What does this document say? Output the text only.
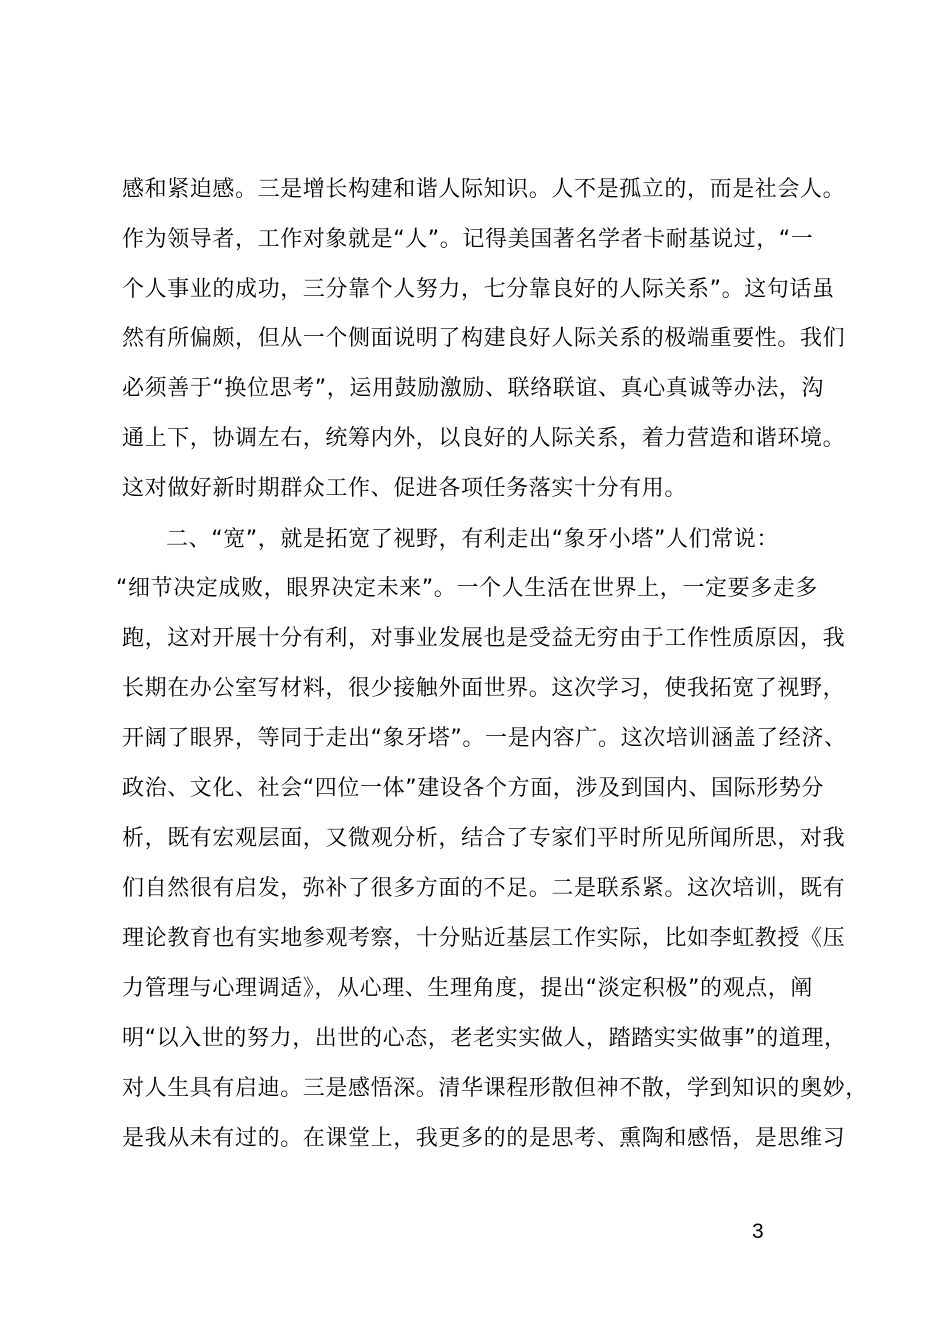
感和紧迫感。三是增长构建和谐人际知识。人不是孤立的，而是社会人。
作为领导者，工作对象就是“人”。记得美国著名学者卡耐基说过，“一
个人事业的成功，三分靠个人努力，七分靠良好的人际关系”。这句话虽
然有所偏颇，但从一个侧面说明了构建良好人际关系的极端重要性。我们
必须善于“换位思考”，运用鼓励激励、联络联谊、真心真诚等办法，沟
通上下，协调左右，统筹内外，以良好的人际关系，着力营造和谐环境。
这对做好新时期群众工作、促进各项任务落实十分有用。
二、“宽”，就是拓宽了视野，有利走出“象牙小塔”人们常说：
“细节决定成败，眼界决定未来”。一个人生活在世界上，一定要多走多
跑，这对开展十分有利，对事业发展也是受益无穷由于工作性质原因，我
长期在办公室写材料，很少接触外面世界。这次学习，使我拓宽了视野，
开阔了眼界，等同于走出“象牙塔”。一是内容广。这次培训涵盖了经济、
政治、文化、社会“四位一体”建设各个方面，涉及到国内、国际形势分
析，既有宏观层面，又微观分析，结合了专家们平时所见所闻所思，对我
们自然很有启发，弥补了很多方面的不足。二是联系紧。这次培训，既有
理论教育也有实地参观考察，十分贴近基层工作实际，比如李虹教授《压
力管理与心理调适》，从心理、生理角度，提出“淡定积极”的观点，阐
明“以入世的努力，出世的心态，老老实实做人，踏踏实实做事”的道理，
对人生具有启迪。三是感悟深。清华课程形散但神不散，学到知识的奥妙，
是我从未有过的。在课堂上，我更多的的是思考、熏陶和感悟，是思维习
3
